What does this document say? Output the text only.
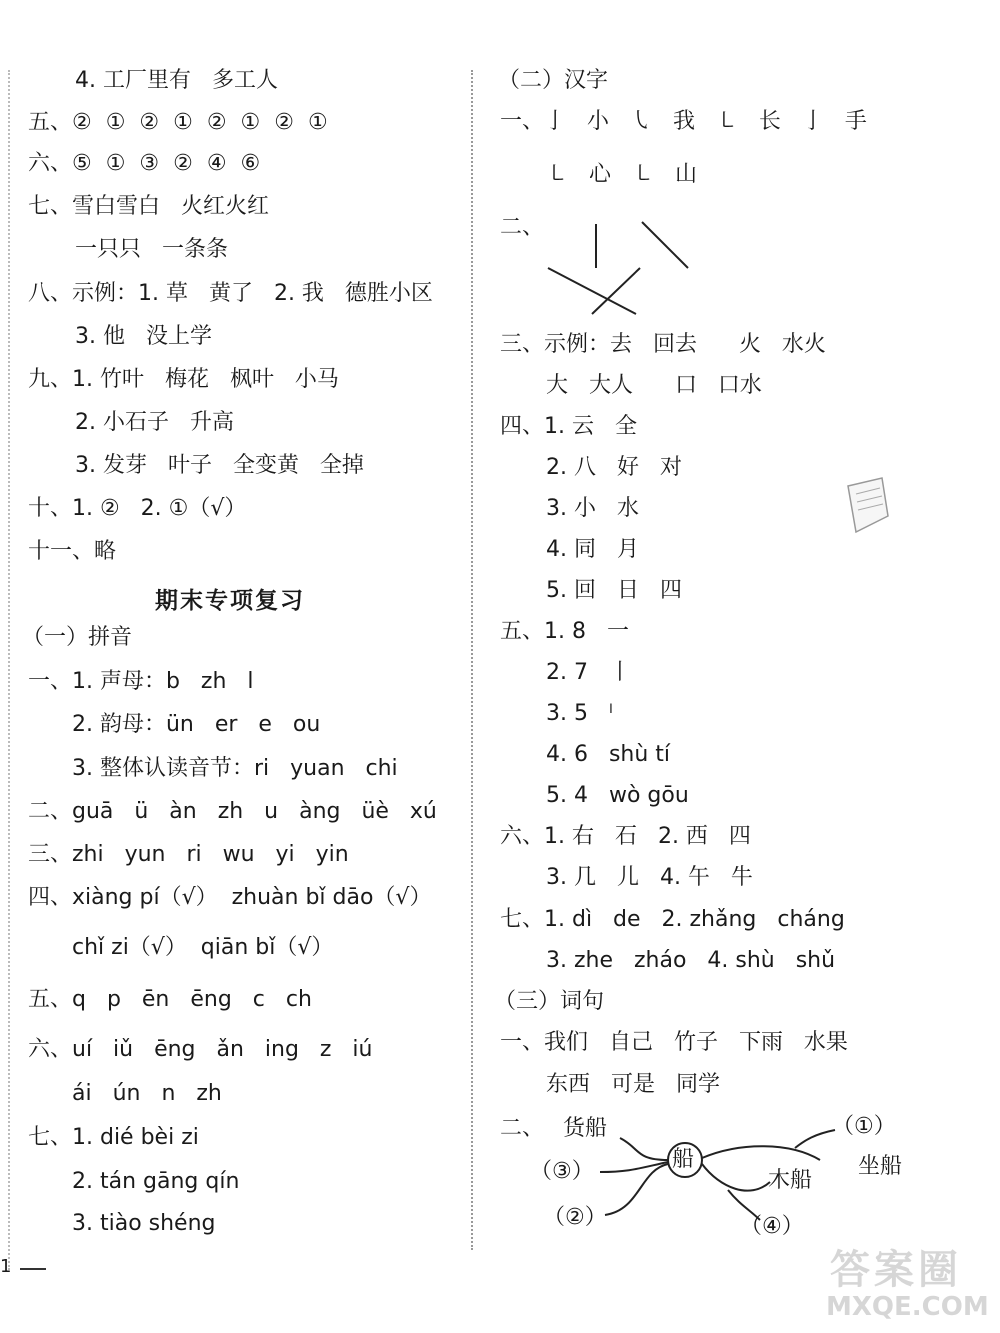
4. 工厂里有   多工人
五、②  ①  ②  ①  ②  ①  ②  ①
六、⑤  ①  ③  ②  ④  ⑥
七、雪白雪白   火红火红
一只只   一条条
八、示例：1. 草   黄了   2. 我   德胜小区
3. 他   没上学
九、1. 竹叶   梅花   枫叶   小马
2. 小石子   升高
3. 发芽   叶子   全变黄   全掉
十、1. ②   2. ①（√）
十一、略
期末专项复习
（一）拼音
一、1. 声母：b   zh   l
2. 韵母：ün   er   e   ou
3. 整体认读音节：ri   yuan   chi
二、guā   ü   àn   zh   u   àng   üè   xú
三、zhi   yun   ri   wu   yi   yin
四、xiàng pí（√）  zhuàn bǐ dāo（√）
chǐ zi（√）  qiān bǐ（√）
五、q   p   ēn   ēng   c   ch
六、uí   iǔ   ēng   ǎn   ing   z   iú
ái   ún   n   zh
七、1. dié bèi zi
2. tán gāng qín
3. tiào shéng
（二）汉字
一、亅   小   ㇂   我   ㇄   长   亅   手
㇄   心   ㇄   山
二、
三、示例：去   回去      火   水火
大   大人      口   口水
四、1. 云   全
2. 八   好   对
3. 小   水
4. 同   月
5. 回   日   四
五、1. 8   一
2. 7   丨
3. 5   ˡ
4. 6   shù tí
5. 4   wò gōu
六、1. 右   石   2. 西   四
3. 几   儿   4. 午   牛
七、1. dì   de   2. zhǎng   cháng
3. zhe   zháo   4. shù   shǔ
（三）词句
一、我们   自己   竹子   下雨   水果
东西   可是   同学
二、
船
货船
（③）
（②）
木船
（④）
（①）
坐船
1	答案圈
MXQE.COM
